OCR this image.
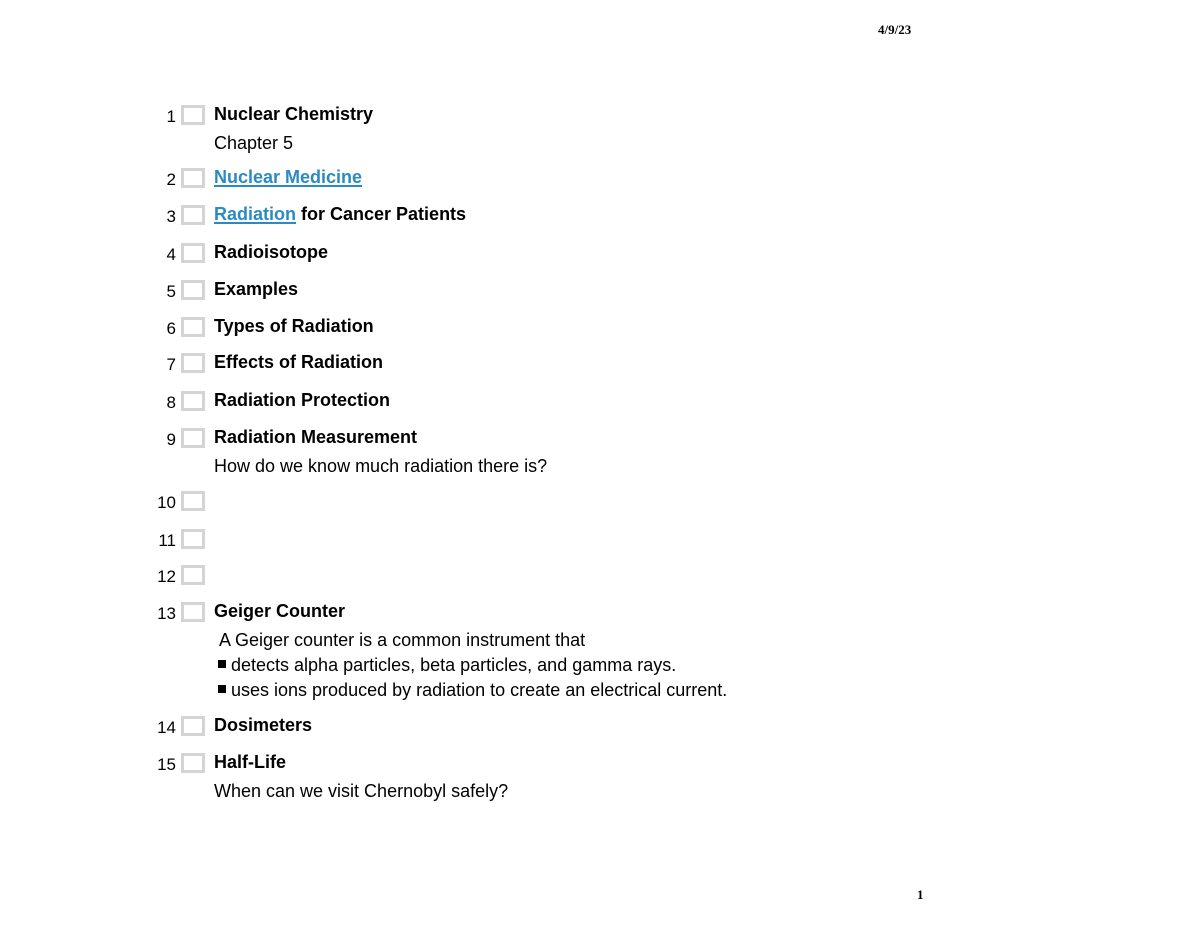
4/9/23
1 Nuclear Chemistry
Chapter 5
2 Nuclear Medicine
3 Radiation for Cancer Patients
4 Radioisotope
5 Examples
6 Types of Radiation
7 Effects of Radiation
8 Radiation Protection
9 Radiation Measurement
How do we know much radiation there is?
10
11
12
13 Geiger Counter
A Geiger counter is a common instrument that
detects alpha particles, beta particles, and gamma rays.
uses ions produced by radiation to create an electrical current.
14 Dosimeters
15 Half-Life
When can we visit Chernobyl safely?
1
